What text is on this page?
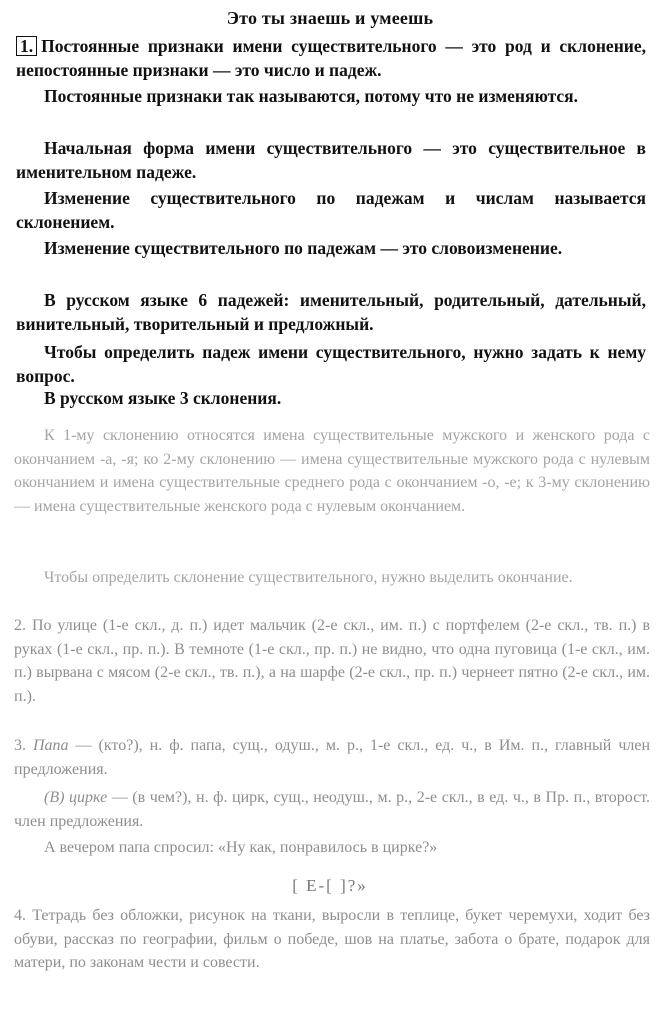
Это ты знаешь и умеешь
1. Постоянные признаки имени существительного — это род и склонение, непостоянные признаки — это число и падеж.
Постоянные признаки так называются, потому что не изменяются.
Начальная форма имени существительного — это существительное в именительном падеже.
Изменение существительного по падежам и числам называется склонением.
Изменение существительного по падежам — это словоизменение.
В русском языке 6 падежей: именительный, родительный, дательный, винительный, творительный и предложный.
Чтобы определить падеж имени существительного, нужно задать к нему вопрос.
В русском языке 3 склонения.
К 1-му склонению относятся имена существительные мужского и женского рода с окончанием -а, -я; ко 2-му склонению — имена существительные мужского рода с нулевым окончанием и имена существительные среднего рода с окончанием -о, -е; к 3-му склонению — имена существительные женского рода с нулевым окончанием.
Чтобы определить склонение существительного, нужно выделить окончание.
2. По улице (1-е скл., д. п.) идет мальчик (2-е скл., им. п.) с портфелем (2-е скл., тв. п.) в руках (1-е скл., пр. п.). В темноте (1-е скл., пр. п.) не видно, что одна пуговица (1-е скл., им. п.) вырвана с мясом (2-е скл., тв. п.), а на шарфе (2-е скл., пр. п.) чернеет пятно (2-е скл., им. п.).
3. Папа — (кто?), н. ф. папа, сущ., одуш., м. р., 1-е скл., ед. ч., в Им. п., главный член предложения.
(В) цирке — (в чем?), н. ф. цирк, сущ., неодуш., м. р., 2-е скл., в ед. ч., в Пр. п., второст. член предложения.
А вечером папа спросил: «Ну как, понравилось в цирке?»
[ Е-[ ]?»
4. Тетрадь без обложки, рисунок на ткани, выросли в теплице, букет черемухи, ходит без обуви, рассказ по географии, фильм о победе, шов на платье, забота о брате, подарок для матери, по законам чести и совести.
